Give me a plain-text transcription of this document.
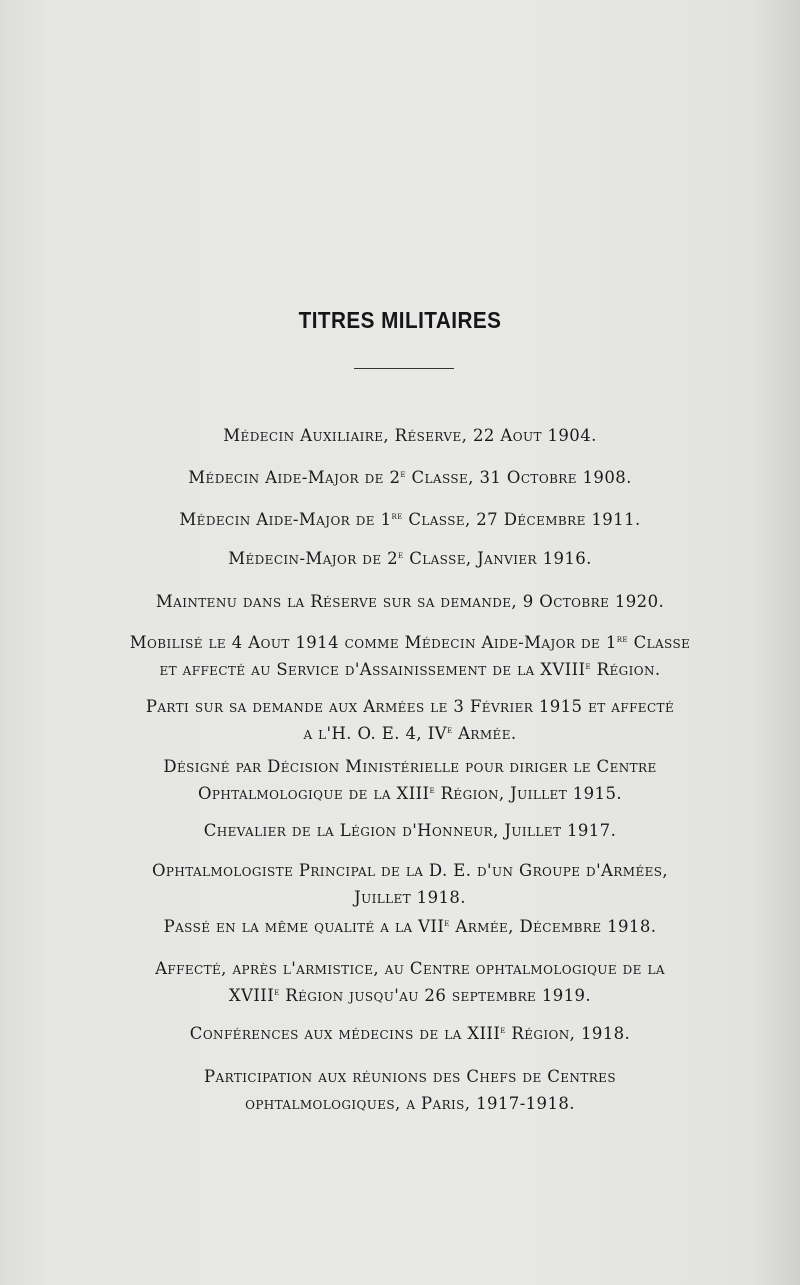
TITRES MILITAIRES
Médecin Auxiliaire, Réserve, 22 Aout 1904.
Médecin Aide-Major de 2e Classe, 31 Octobre 1908.
Médecin Aide-Major de 1re Classe, 27 Décembre 1911.
Médecin-Major de 2e Classe, Janvier 1916.
Maintenu dans la Réserve sur sa demande, 9 Octobre 1920.
Mobilisé le 4 Aout 1914 comme Médecin Aide-Major de 1re Classe
et affecté au Service d'Assainissement de la XVIIIe Région.
Parti sur sa demande aux Armées le 3 Février 1915 et affecté
a l'H. O. E. 4, IVe Armée.
Désigné par Décision Ministérielle pour diriger le Centre
Ophtalmologique de la XIIIe Région, Juillet 1915.
Chevalier de la Légion d'Honneur, Juillet 1917.
Ophtalmologiste Principal de la D. E. d'un Groupe d'Armées,
Juillet 1918.
Passé en la même qualité a la VIIe Armée, Décembre 1918.
Affecté, après l'armistice, au Centre ophtalmologique de la
XVIIIe Région jusqu'au 26 septembre 1919.
Conférences aux médecins de la XIIIe Région, 1918.
Participation aux réunions des Chefs de Centres
ophtalmologiques, a Paris, 1917-1918.
